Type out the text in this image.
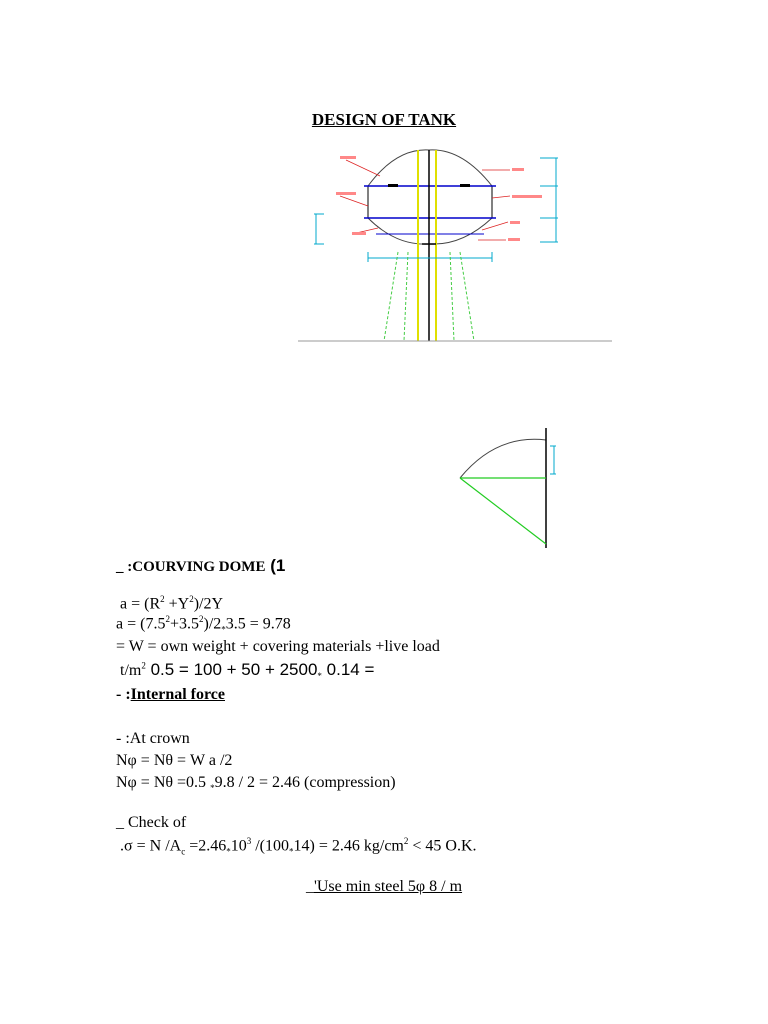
DESIGN OF TANK
_ :COURVING DOME (1
$a = (R^2 +Y^2)/2Y$
$a = (7.5^2+3.5^2)/2_*3.5 = 9.78$
= W = own weight + covering materials +live load
$t/m^2$ $0.5 = 100 + 50 + 2500_*$ 0.14 =
- :Internal force
- :At crown
Nφ = Nθ = W a /2
Nφ = Nθ =0.5 $_*$9.8 / 2 = 2.46 (compression)
_ Check of
.σ = N $/A_c =2.46_*10^3$ $/(100_*14) = 2.46$ $kg/cm^2 < 45$ O.K.
_'Use min steel 5φ 8 / m
